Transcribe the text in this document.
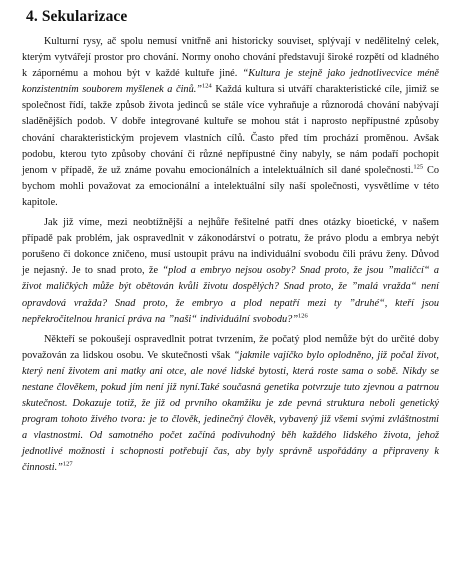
4. Sekularizace

Kulturní rysy, ač spolu nemusí vnitřně ani historicky souviset, splývají v nedělitelný celek, kterým vytvářejí prostor pro chování. Normy onoho chování představují široké rozpětí od kladného k zápornému a mohou být v každé kultuře jiné. “Kultura je stejně jako jednotlivecvice méně konzistentním souborem myšlenek a činů.”$^{124}$ Každá kultura si utváří charakteristické cíle, jimiž se společnost řídí, takže způsob života jedinců se stále více vyhraňuje a různorodá chování nabývají sladěnějších podob. V dobře integrované kultuře se mohou stát i naprosto nepřípustné způsoby chování charakteristickým projevem vlastních cílů. Často před tím prochází proměnou. Avšak podobu, kterou tyto způsoby chování či různé nepřípustné činy nabyly, se nám podaří pochopit jenom v případě, že už známe povahu emocionálních a intelektuálních sil dané společnosti.$^{125}$ Co bychom mohli považovat za emocionální a intelektuální síly naší společnosti, vysvětlíme v této kapitole.

Jak již víme, mezi neobtížnější a nejhůře řešitelné patří dnes otázky bioetické, v našem případě pak problém, jak ospravedlnit v zákonodárství o potratu, že právo plodu a embrya nebýt porušeno či dokonce zničeno, musí ustoupit právu na individuální svobodu čili právu ženy. Důvod je nejasný. Je to snad proto, že “plod a embryo nejsou osoby? Snad proto, že jsou ”maličcí“ a život maličkých může být obětován kvůli životu dospělých? Snad proto, že ”malá vražda“ není opravdová vražda? Snad proto, že embryo a plod nepatří mezi ty ”druhé“, kteří jsou nepřekročitelnou hranicí práva na ”naši“ individuální svobodu?”$^{126}$

Někteří se pokoušejí ospravedlnit potrat tvrzením, že počatý plod nemůže být do určité doby považován za lidskou osobu. Ve skutečnosti však “jakmile vajíčko bylo oplodněno, již počal život, který není životem ani matky ani otce, ale nové lidské bytosti, která roste sama o sobě. Nikdy se nestane člověkem, pokud jím není již nyní.Také současná genetika potvrzuje tuto zjevnou a patrnou skutečnost. Dokazuje totiž, že již od prvního okamžiku je zde pevná struktura neboli genetický program tohoto živého tvora: je to člověk, jedinečný člověk, vybavený již všemi svými zvláštnostmi a vlastnostmi. Od samotného počet začíná podivuhodný běh každého lidského života, jehož jednotlivé možnosti i schopnosti potřebují čas, aby byly správně uspořádány a připraveny k činnosti.”$^{127}$
